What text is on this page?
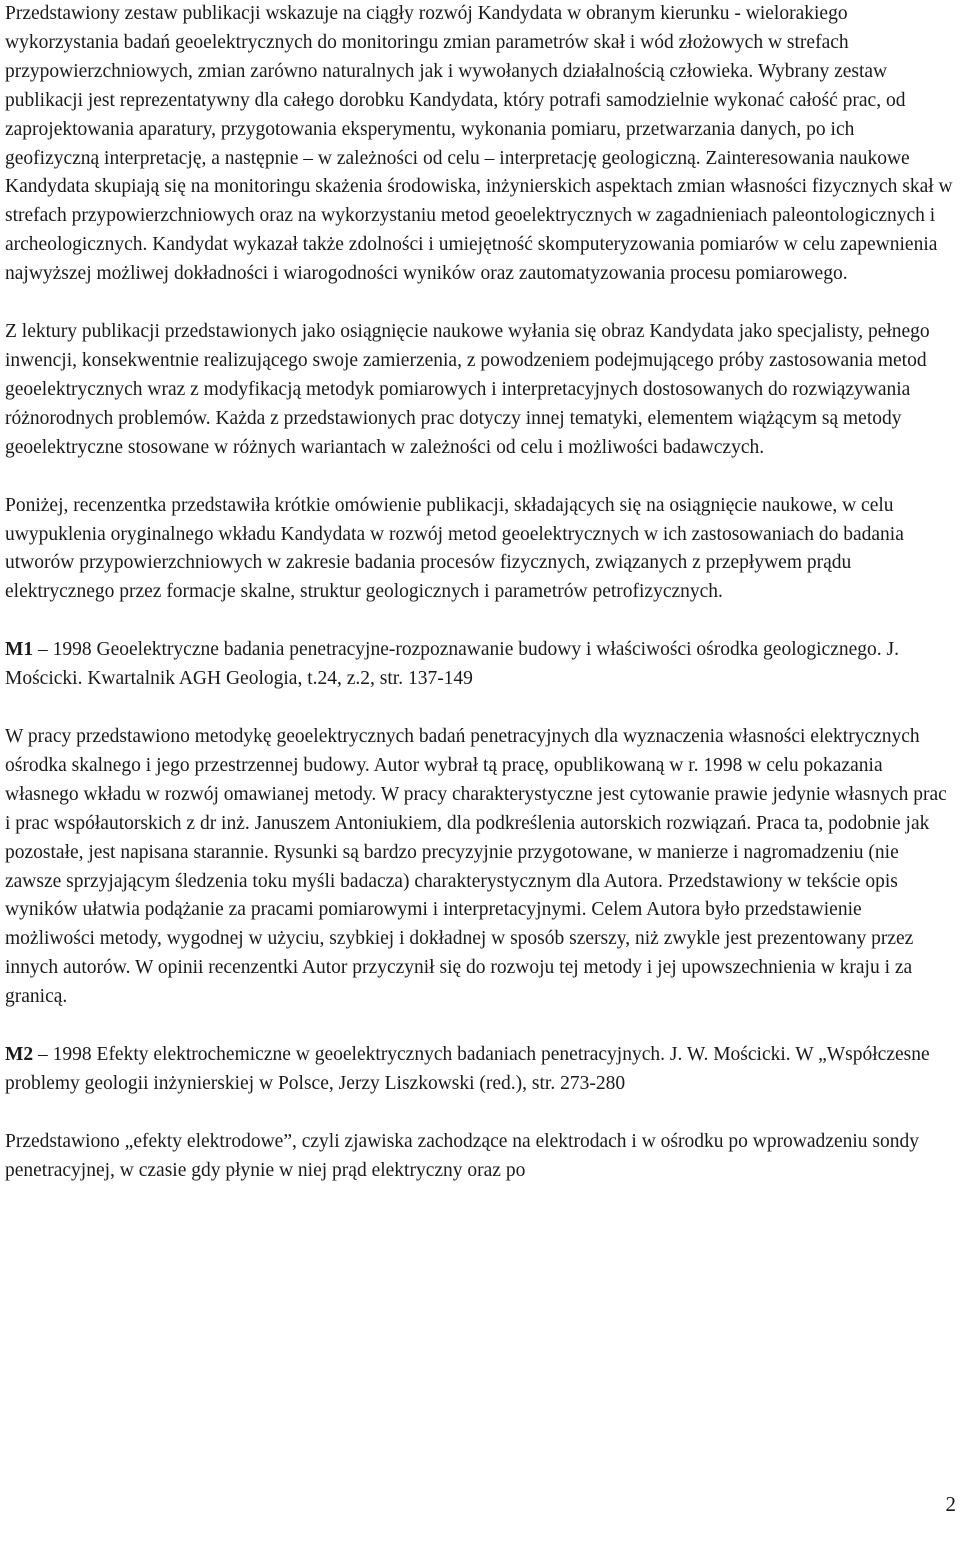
Przedstawiony zestaw publikacji wskazuje na ciągły rozwój Kandydata w obranym kierunku - wielorakiego wykorzystania badań geoelektrycznych do monitoringu zmian parametrów skał i wód złożowych w strefach przypowierzchniowych, zmian zarówno naturalnych jak i wywołanych działalnością człowieka. Wybrany zestaw publikacji jest reprezentatywny dla całego dorobku Kandydata, który potrafi samodzielnie wykonać całość prac, od zaprojektowania aparatury, przygotowania eksperymentu, wykonania pomiaru, przetwarzania danych, po ich geofizyczną interpretację, a następnie – w zależności od celu – interpretację geologiczną. Zainteresowania naukowe Kandydata skupiają się na monitoringu skażenia środowiska, inżynierskich aspektach zmian własności fizycznych skał w strefach przypowierzchniowych oraz na wykorzystaniu metod geoelektrycznych w zagadnieniach paleontologicznych i archeologicznych. Kandydat wykazał także zdolności i umiejętność skomputeryzowania pomiarów w celu zapewnienia najwyższej możliwej dokładności i wiarogodności wyników oraz zautomatyzowania procesu pomiarowego.

Z lektury publikacji przedstawionych jako osiągnięcie naukowe wyłania się obraz Kandydata jako specjalisty, pełnego inwencji, konsekwentnie realizującego swoje zamierzenia, z powodzeniem podejmującego próby zastosowania metod geoelektrycznych wraz z modyfikacją metodyk pomiarowych i interpretacyjnych dostosowanych do rozwiązywania różnorodnych problemów. Każda z przedstawionych prac dotyczy innej tematyki, elementem wiążącym są metody geoelektryczne stosowane w różnych wariantach w zależności od celu i możliwości badawczych.

Poniżej, recenzentka przedstawiła krótkie omówienie publikacji, składających się na osiągnięcie naukowe, w celu uwypuklenia oryginalnego wkładu Kandydata w rozwój metod geoelektrycznych w ich zastosowaniach do badania utworów przypowierzchniowych w zakresie badania procesów fizycznych, związanych z przepływem prądu elektrycznego przez formacje skalne, struktur geologicznych i parametrów petrofizycznych.

M1 – 1998 Geoelektryczne badania penetracyjne-rozpoznawanie budowy i właściwości ośrodka geologicznego. J. Mościcki. Kwartalnik AGH Geologia, t.24, z.2, str. 137-149

W pracy przedstawiono metodykę geoelektrycznych badań penetracyjnych dla wyznaczenia własności elektrycznych ośrodka skalnego i jego przestrzennej budowy. Autor wybrał tą pracę, opublikowaną w r. 1998 w celu pokazania własnego wkładu w rozwój omawianej metody. W pracy charakterystyczne jest cytowanie prawie jedynie własnych prac i prac współautorskich z dr inż. Januszem Antoniukiem, dla podkreślenia autorskich rozwiązań. Praca ta, podobnie jak pozostałe, jest napisana starannie. Rysunki są bardzo precyzyjnie przygotowane, w manierze i nagromadzeniu (nie zawsze sprzyjającym śledzenia toku myśli badacza) charakterystycznym dla Autora. Przedstawiony w tekście opis wyników ułatwia podążanie za pracami pomiarowymi i interpretacyjnymi. Celem Autora było przedstawienie możliwości metody, wygodnej w użyciu, szybkiej i dokładnej w sposób szerszy, niż zwykle jest prezentowany przez innych autorów. W opinii recenzentki Autor przyczynił się do rozwoju tej metody i jej upowszechnienia w kraju i za granicą.

M2 – 1998 Efekty elektrochemiczne w geoelektrycznych badaniach penetracyjnych. J. W. Mościcki. W „Współczesne problemy geologii inżynierskiej w Polsce, Jerzy Liszkowski (red.), str. 273-280

Przedstawiono „efekty elektrodowe”, czyli zjawiska zachodzące na elektrodach i w ośrodku po wprowadzeniu sondy penetracyjnej, w czasie gdy płynie w niej prąd elektryczny oraz po

2
